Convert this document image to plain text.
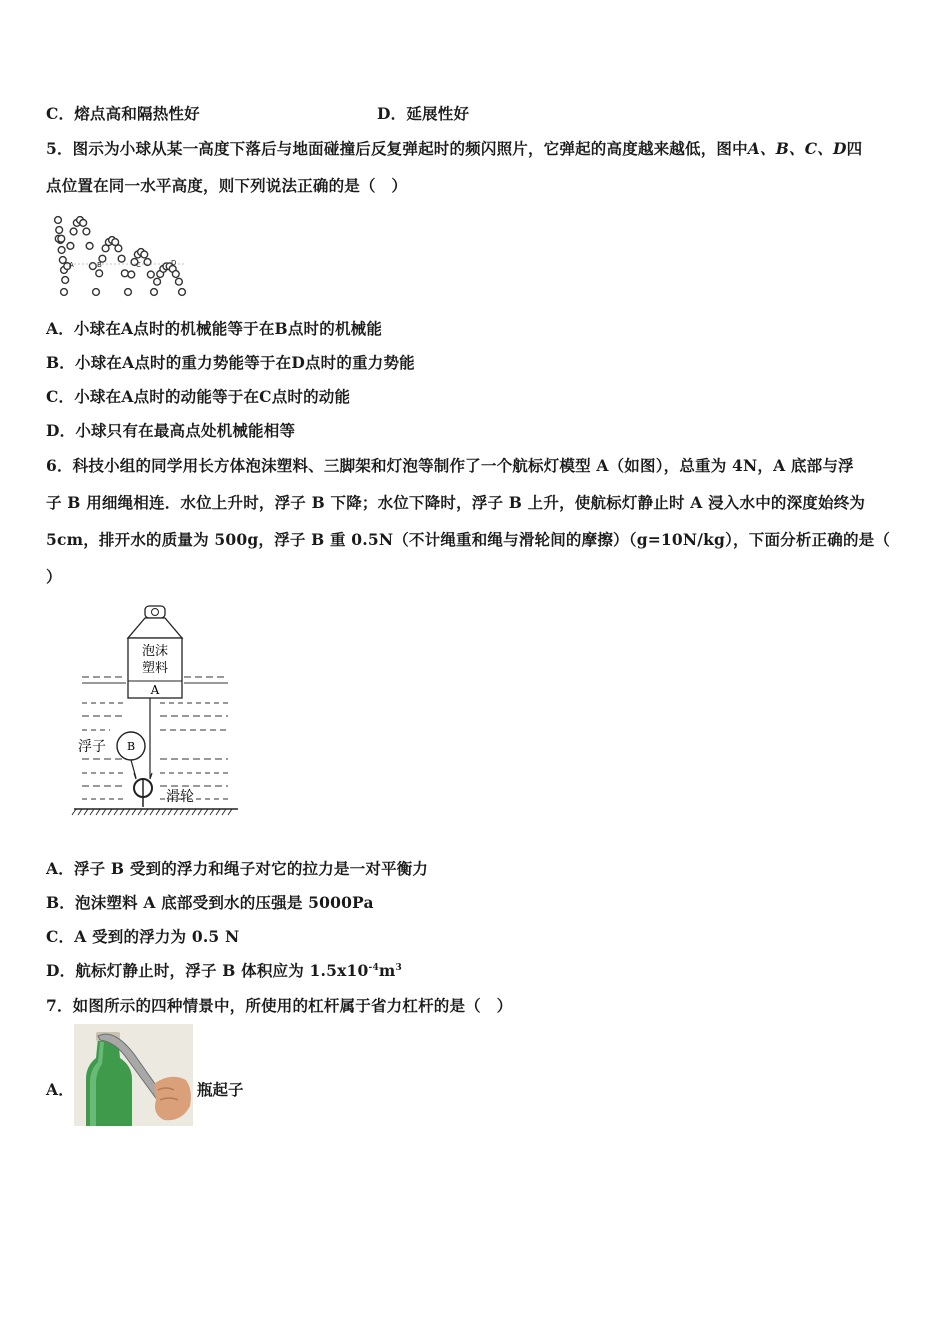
C．熔点高和隔热性好	D．延展性好
5．图示为小球从某一高度下落后与地面碰撞后反复弹起时的频闪照片，它弹起的高度越来越低，图中A、B、C、D四
点位置在同一水平高度，则下列说法正确的是（　）
A	B	C	D
A．小球在A点时的机械能等于在B点时的机械能
B．小球在A点时的重力势能等于在D点时的重力势能
C．小球在A点时的动能等于在C点时的动能
D．小球只有在最高点处机械能相等
6．科技小组的同学用长方体泡沫塑料、三脚架和灯泡等制作了一个航标灯模型 A（如图），总重为 4N，A 底部与浮
子 B 用细绳相连．水位上升时，浮子 B 下降；水位下降时，浮子 B 上升，使航标灯静止时 A 浸入水中的深度始终为
5cm，排开水的质量为 500g，浮子 B 重 0.5N（不计绳重和绳与滑轮间的摩擦）（g=10N/kg），下面分析正确的是（
）
泡沫
塑料
A
B
浮子
滑轮
A．浮子 B 受到的浮力和绳子对它的拉力是一对平衡力
B．泡沫塑料 A 底部受到水的压强是 5000Pa
C．A 受到的浮力为 0.5 N
D．航标灯静止时，浮子 B 体积应为 $1.5x10^{-4}m^3$
7．如图所示的四种情景中，所使用的杠杆属于省力杠杆的是（　）
A．	瓶起子
